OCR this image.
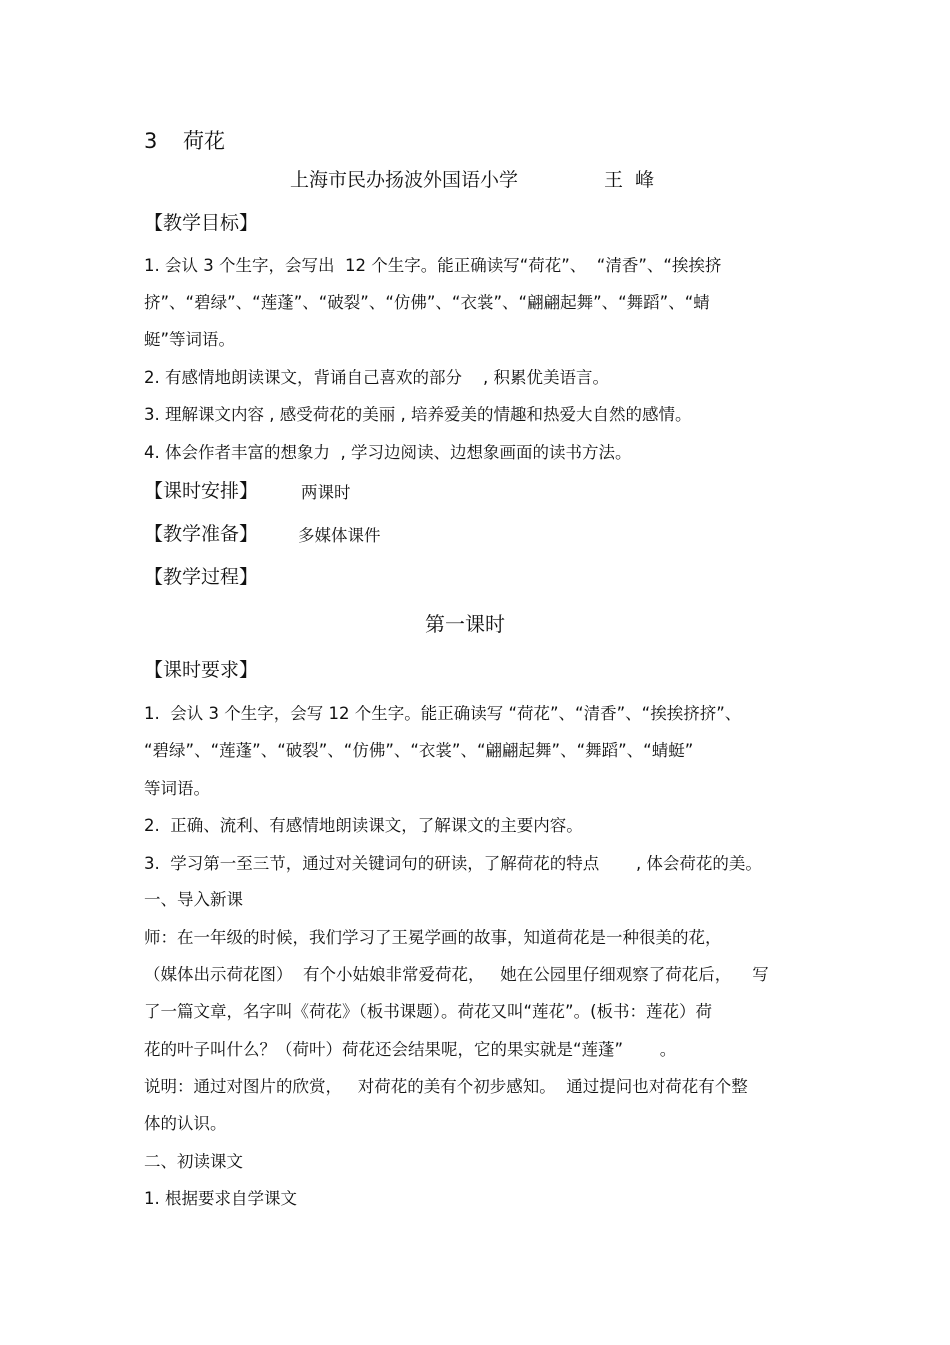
3 荷花
上海市民办扬波外国语小学	王  峰
【教学目标】
1. 会认 3 个生字，会写出  12 个生字。能正确读写“荷花”、  “清香”、“挨挨挤
挤”、“碧绿”、“莲蓬”、“破裂”、“仿佛”、“衣裳”、“翩翩起舞”、“舞蹈”、“蜻
蜓”等词语。
2. 有感情地朗读课文，背诵自己喜欢的部分    , 积累优美语言。
3. 理解课文内容 , 感受荷花的美丽 , 培养爱美的情趣和热爱大自然的感情。
4. 体会作者丰富的想象力  , 学习边阅读、边想象画面的读书方法。
【课时安排】	两课时
【教学准备】 多媒体课件
【教学过程】
第一课时
【课时要求】
1.  会认 3 个生字，会写 12 个生字。能正确读写 “荷花”、“清香”、“挨挨挤挤”、
“碧绿”、“莲蓬”、“破裂”、“仿佛”、“衣裳”、“翩翩起舞”、“舞蹈”、“蜻蜓”
等词语。
2.  正确、流利、有感情地朗读课文，了解课文的主要内容。
3.  学习第一至三节，通过对关键词句的研读，了解荷花的特点       , 体会荷花的美。
一、导入新课
师：在一年级的时候，我们学习了王冕学画的故事，知道荷花是一种很美的花，
（媒体出示荷花图）  有个小姑娘非常爱荷花，   她在公园里仔细观察了荷花后，    写
了一篇文章，名字叫《荷花》（板书课题）。荷花又叫“莲花”。(板书：莲花）荷
花的叶子叫什么？（荷叶）荷花还会结果呢，它的果实就是“莲蓬”       。
说明：通过对图片的欣赏，   对荷花的美有个初步感知。  通过提问也对荷花有个整
体的认识。
二、初读课文
1. 根据要求自学课文
